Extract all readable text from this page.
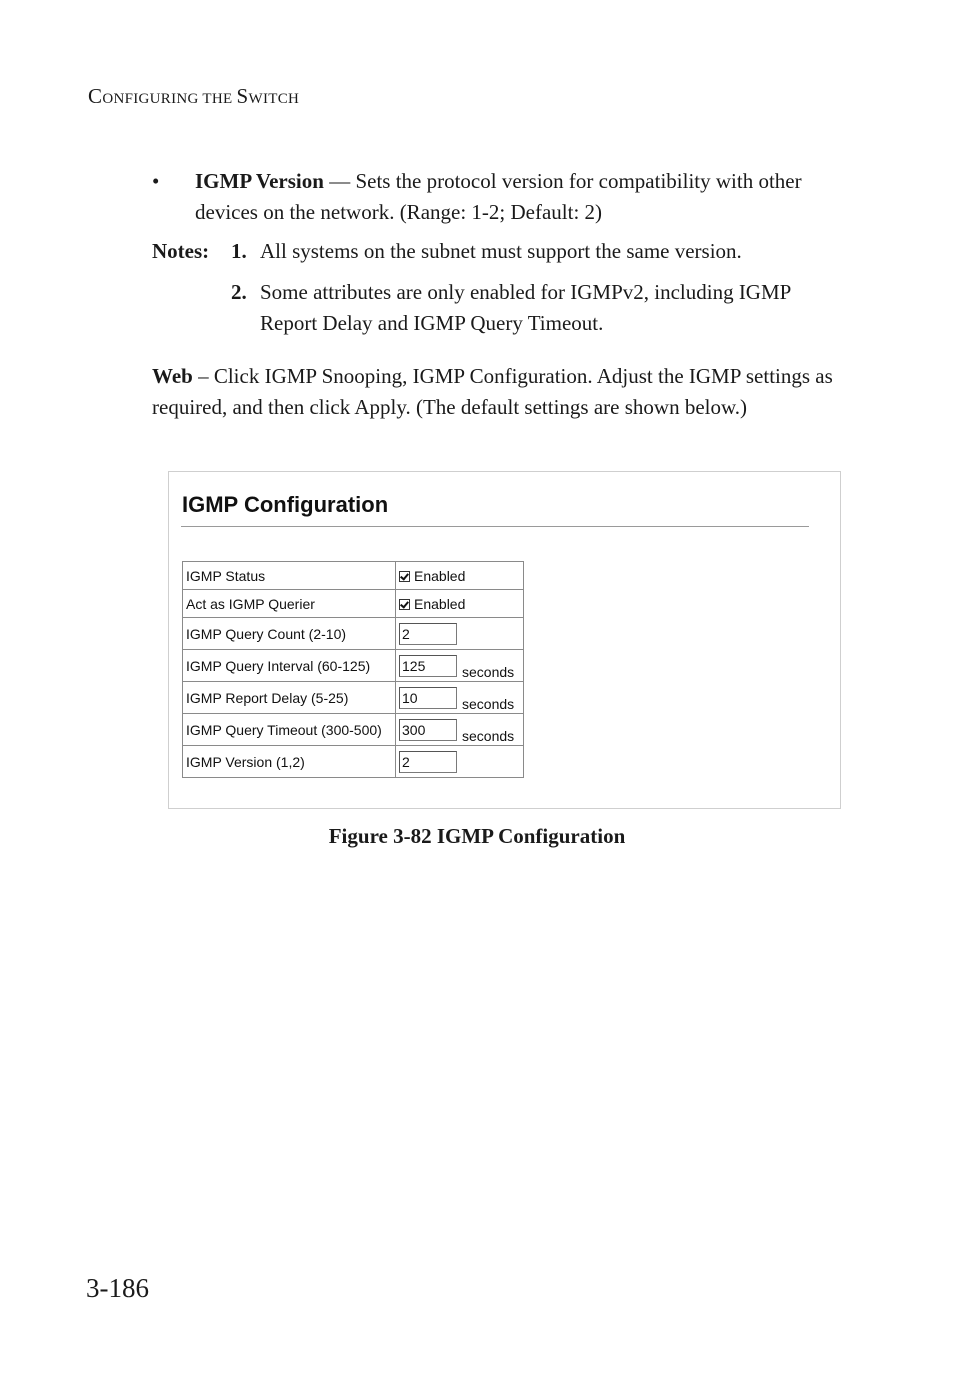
CONFIGURING THE SWITCH
• IGMP Version — Sets the protocol version for compatibility with other devices on the network. (Range: 1-2; Default: 2)
Notes: 1. All systems on the subnet must support the same version.
2. Some attributes are only enabled for IGMPv2, including IGMP Report Delay and IGMP Query Timeout.
Web – Click IGMP Snooping, IGMP Configuration. Adjust the IGMP settings as required, and then click Apply. (The default settings are shown below.)
IGMP Configuration
IGMP Status	Enabled
Act as IGMP Querier	Enabled
IGMP Query Count (2-10)	2
IGMP Query Interval (60-125)	125 seconds
IGMP Report Delay (5-25)	10 seconds
IGMP Query Timeout (300-500)	300 seconds
IGMP Version (1,2)	2
Figure 3-82 IGMP Configuration
3-186
